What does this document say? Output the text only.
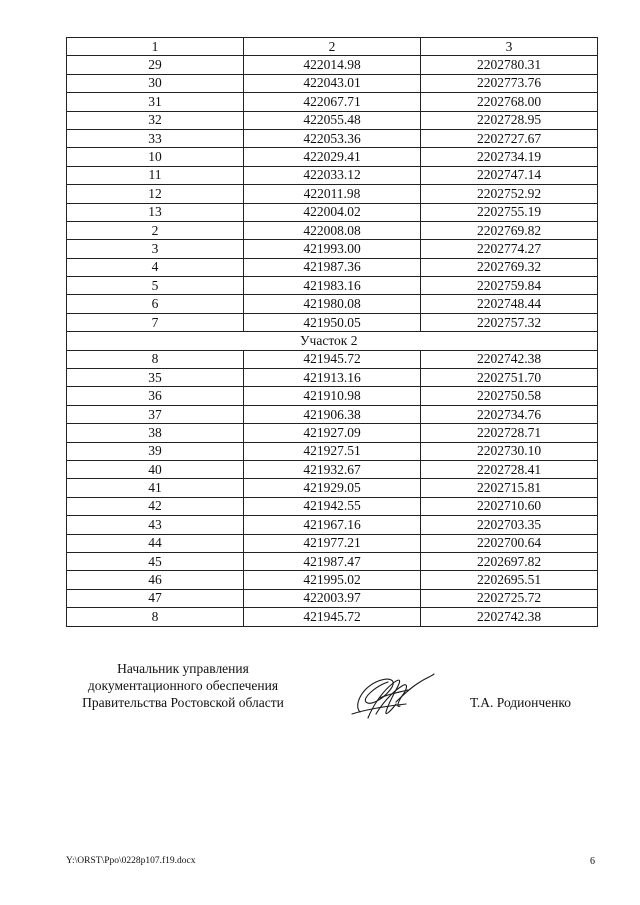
1	2	3
29	422014.98	2202780.31
30	422043.01	2202773.76
31	422067.71	2202768.00
32	422055.48	2202728.95
33	422053.36	2202727.67
10	422029.41	2202734.19
11	422033.12	2202747.14
12	422011.98	2202752.92
13	422004.02	2202755.19
2	422008.08	2202769.82
3	421993.00	2202774.27
4	421987.36	2202769.32
5	421983.16	2202759.84
6	421980.08	2202748.44
7	421950.05	2202757.32
Участок 2		
8	421945.72	2202742.38
35	421913.16	2202751.70
36	421910.98	2202750.58
37	421906.38	2202734.76
38	421927.09	2202728.71
39	421927.51	2202730.10
40	421932.67	2202728.41
41	421929.05	2202715.81
42	421942.55	2202710.60
43	421967.16	2202703.35
44	421977.21	2202700.64
45	421987.47	2202697.82
46	421995.02	2202695.51
47	422003.97	2202725.72
8	421945.72	2202742.38
Начальник управления
документационного обеспечения
Правительства Ростовской области	Т.А. Родионченко
Y:\ORST\Ppo\0228p107.f19.docx	6
